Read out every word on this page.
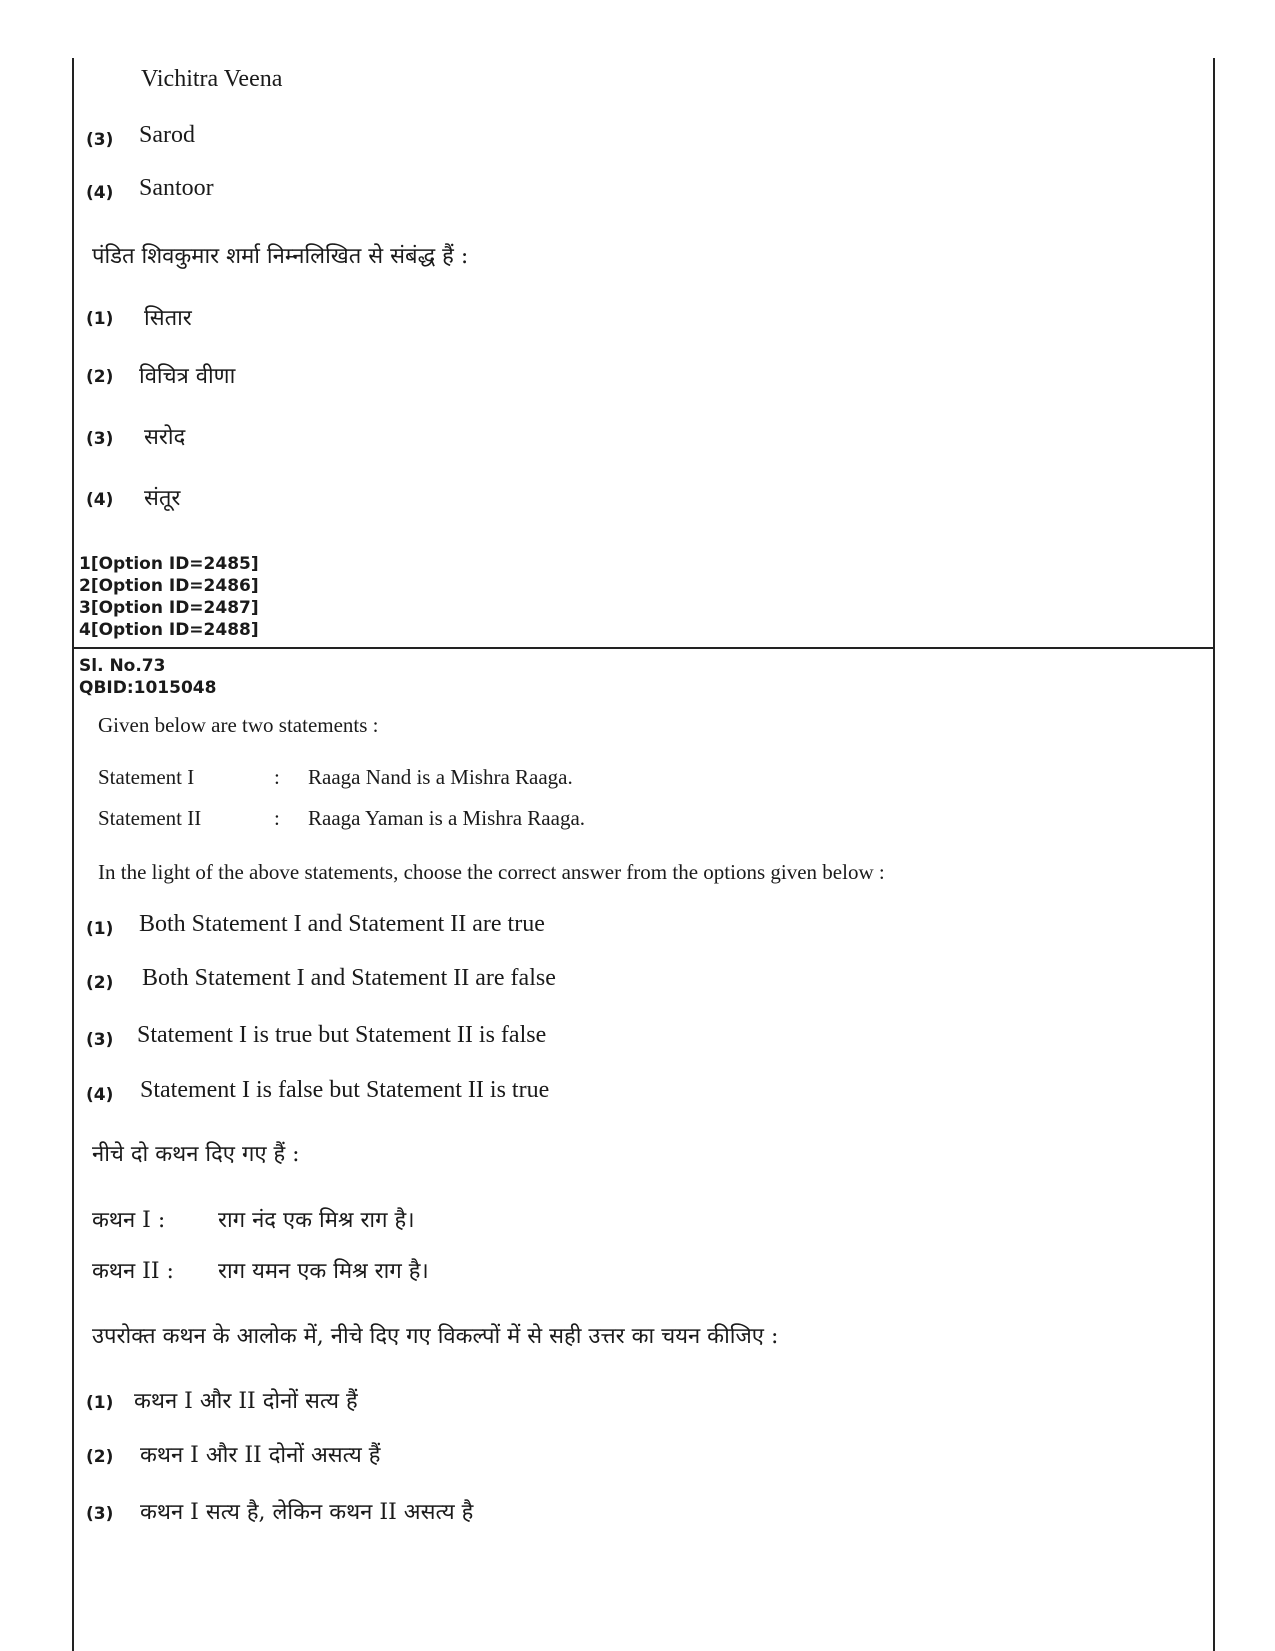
Vichitra Veena
(3) Sarod
(4) Santoor
पंडित शिवकुमार शर्मा निम्नलिखित से संबंद्ध हैं :
(1) सितार
(2) विचित्र वीणा
(3) सरोद
(4) संतूर
1[Option ID=2485]
2[Option ID=2486]
3[Option ID=2487]
4[Option ID=2488]
Sl. No.73
QBID:1015048
Given below are two statements :
Statement I	: Raaga Nand is a Mishra Raaga.
Statement II	: Raaga Yaman is a Mishra Raaga.
In the light of the above statements, choose the correct answer from the options given below :
(1) Both Statement I and Statement II are true
(2) Both Statement I and Statement II are false
(3) Statement I is true but Statement II is false
(4) Statement I is false but Statement II is true
नीचे दो कथन दिए गए हैं :
कथन I : राग नंद एक मिश्र राग है।
कथन II : राग यमन एक मिश्र राग है।
उपरोक्त कथन के आलोक में, नीचे दिए गए विकल्पों में से सही उत्तर का चयन कीजिए :
(1) कथन I और II दोनों सत्य हैं
(2) कथन I और II दोनों असत्य हैं
(3) कथन I सत्य है, लेकिन कथन II असत्य है
